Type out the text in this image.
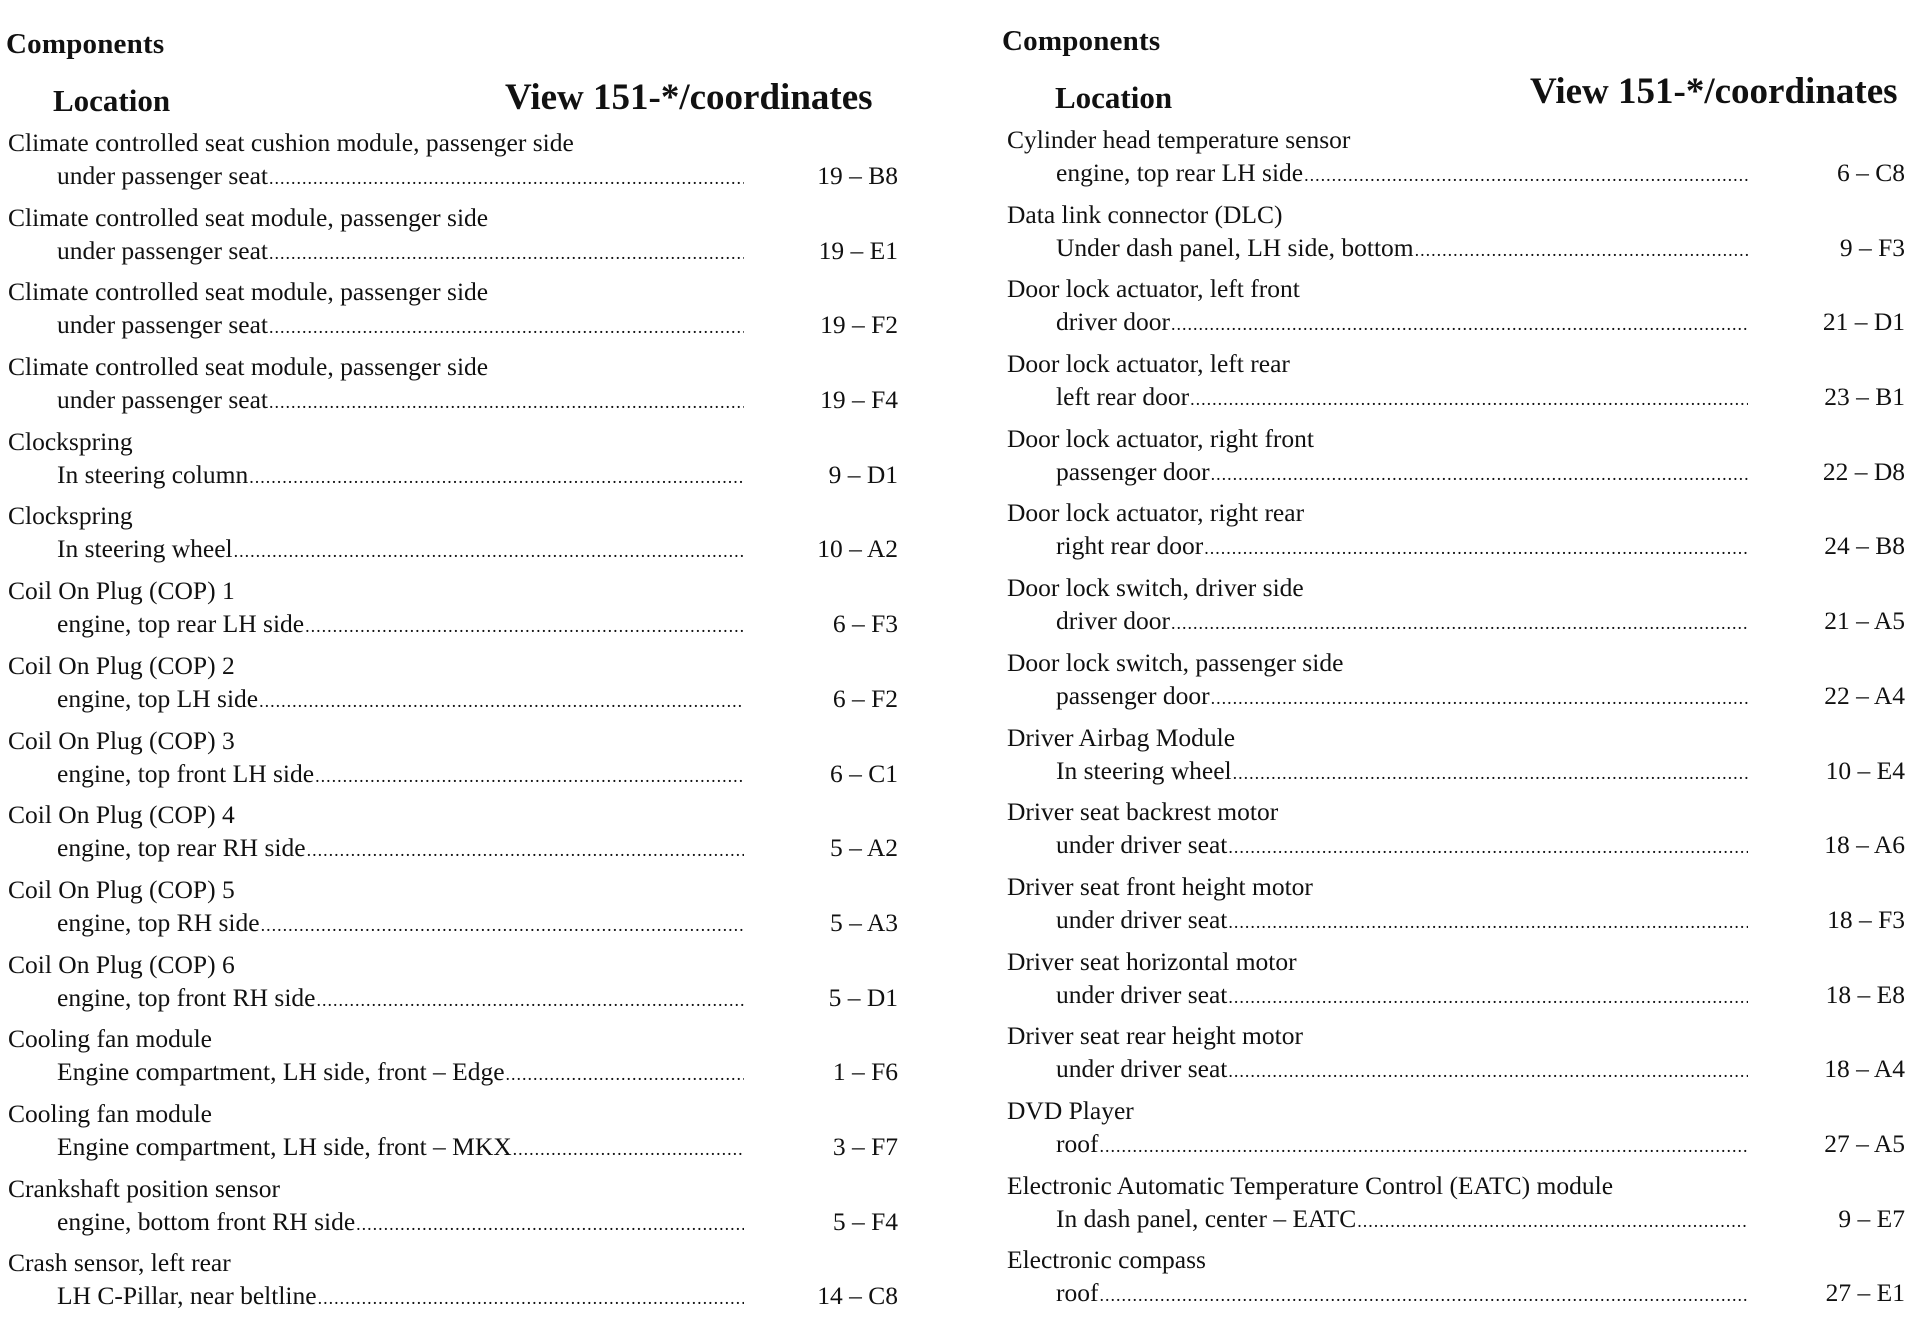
Components
Location	View 151-*/coordinates
Climate controlled seat cushion module, passenger side
under passenger seat .....	19 – B8
Climate controlled seat module, passenger side
under passenger seat .....	19 – E1
Climate controlled seat module, passenger side
under passenger seat .....	19 – F2
Climate controlled seat module, passenger side
under passenger seat .....	19 – F4
Clockspring
In steering column .....	9 – D1
Clockspring
In steering wheel .....	10 – A2
Coil On Plug (COP) 1
engine, top rear LH side .....	6 – F3
Coil On Plug (COP) 2
engine, top LH side .....	6 – F2
Coil On Plug (COP) 3
engine, top front LH side .....	6 – C1
Coil On Plug (COP) 4
engine, top rear RH side .....	5 – A2
Coil On Plug (COP) 5
engine, top RH side .....	5 – A3
Coil On Plug (COP) 6
engine, top front RH side .....	5 – D1
Cooling fan module
Engine compartment, LH side, front – Edge .....	1 – F6
Cooling fan module
Engine compartment, LH side, front – MKX .....	3 – F7
Crankshaft position sensor
engine, bottom front RH side .....	5 – F4
Crash sensor, left rear
LH C-Pillar, near beltline .....	14 – C8
Components
Location	View 151-*/coordinates
Cylinder head temperature sensor
engine, top rear LH side .....	6 – C8
Data link connector (DLC)
Under dash panel, LH side, bottom .....	9 – F3
Door lock actuator, left front
driver door .....	21 – D1
Door lock actuator, left rear
left rear door .....	23 – B1
Door lock actuator, right front
passenger door .....	22 – D8
Door lock actuator, right rear
right rear door .....	24 – B8
Door lock switch, driver side
driver door .....	21 – A5
Door lock switch, passenger side
passenger door .....	22 – A4
Driver Airbag Module
In steering wheel .....	10 – E4
Driver seat backrest motor
under driver seat .....	18 – A6
Driver seat front height motor
under driver seat .....	18 – F3
Driver seat horizontal motor
under driver seat .....	18 – E8
Driver seat rear height motor
under driver seat .....	18 – A4
DVD Player
roof .....	27 – A5
Electronic Automatic Temperature Control (EATC) module
In dash panel, center – EATC .....	9 – E7
Electronic compass
roof .....	27 – E1
